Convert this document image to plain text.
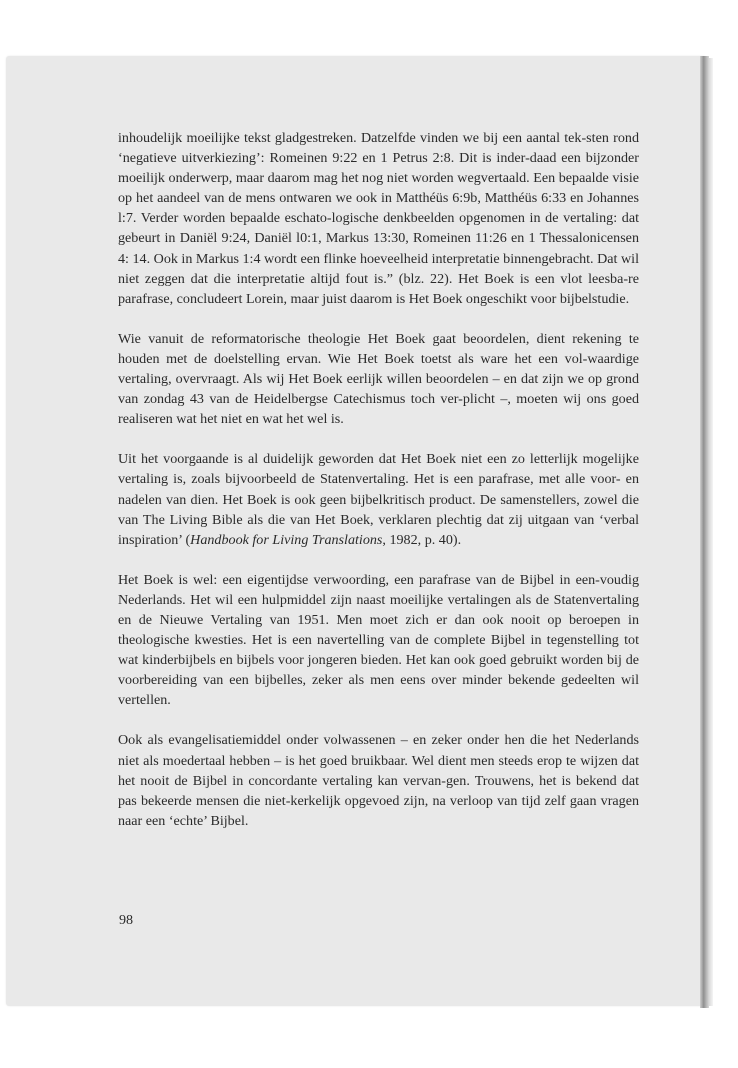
inhoudelijk moeilijke tekst gladgestreken. Datzelfde vinden we bij een aantal tek-sten rond ‘negatieve uitverkiezing’: Romeinen 9:22 en 1 Petrus 2:8. Dit is inder-daad een bijzonder moeilijk onderwerp, maar daarom mag het nog niet worden wegvertaald. Een bepaalde visie op het aandeel van de mens ontwaren we ook in Matthéüs 6:9b, Matthéüs 6:33 en Johannes l:7. Verder worden bepaalde eschato-logische denkbeelden opgenomen in de vertaling: dat gebeurt in Daniël 9:24, Daniël l0:1, Markus 13:30, Romeinen 11:26 en 1 Thessalonicensen 4: 14. Ook in Markus 1:4 wordt een flinke hoeveelheid interpretatie binnengebracht. Dat wil niet zeggen dat die interpretatie altijd fout is.” (blz. 22). Het Boek is een vlot leesba-re parafrase, concludeert Lorein, maar juist daarom is Het Boek ongeschikt voor bijbelstudie.

Wie vanuit de reformatorische theologie Het Boek gaat beoordelen, dient rekening te houden met de doelstelling ervan. Wie Het Boek toetst als ware het een vol-waardige vertaling, overvraagt. Als wij Het Boek eerlijk willen beoordelen – en dat zijn we op grond van zondag 43 van de Heidelbergse Catechismus toch ver-plicht –, moeten wij ons goed realiseren wat het niet en wat het wel is.

Uit het voorgaande is al duidelijk geworden dat Het Boek niet een zo letterlijk mogelijke vertaling is, zoals bijvoorbeeld de Statenvertaling. Het is een parafrase, met alle voor- en nadelen van dien. Het Boek is ook geen bijbelkritisch product. De samenstellers, zowel die van The Living Bible als die van Het Boek, verklaren plechtig dat zij uitgaan van ‘verbal inspiration’ (Handbook for Living Translations, 1982, p. 40).

Het Boek is wel: een eigentijdse verwoording, een parafrase van de Bijbel in een-voudig Nederlands. Het wil een hulpmiddel zijn naast moeilijke vertalingen als de Statenvertaling en de Nieuwe Vertaling van 1951. Men moet zich er dan ook nooit op beroepen in theologische kwesties. Het is een navertelling van de complete Bijbel in tegenstelling tot wat kinderbijbels en bijbels voor jongeren bieden. Het kan ook goed gebruikt worden bij de voorbereiding van een bijbelles, zeker als men eens over minder bekende gedeelten wil vertellen.

Ook als evangelisatiemiddel onder volwassenen – en zeker onder hen die het Nederlands niet als moedertaal hebben – is het goed bruikbaar. Wel dient men steeds erop te wijzen dat het nooit de Bijbel in concordante vertaling kan vervan-gen. Trouwens, het is bekend dat pas bekeerde mensen die niet-kerkelijk opgevoed zijn, na verloop van tijd zelf gaan vragen naar een ‘echte’ Bijbel.

98
